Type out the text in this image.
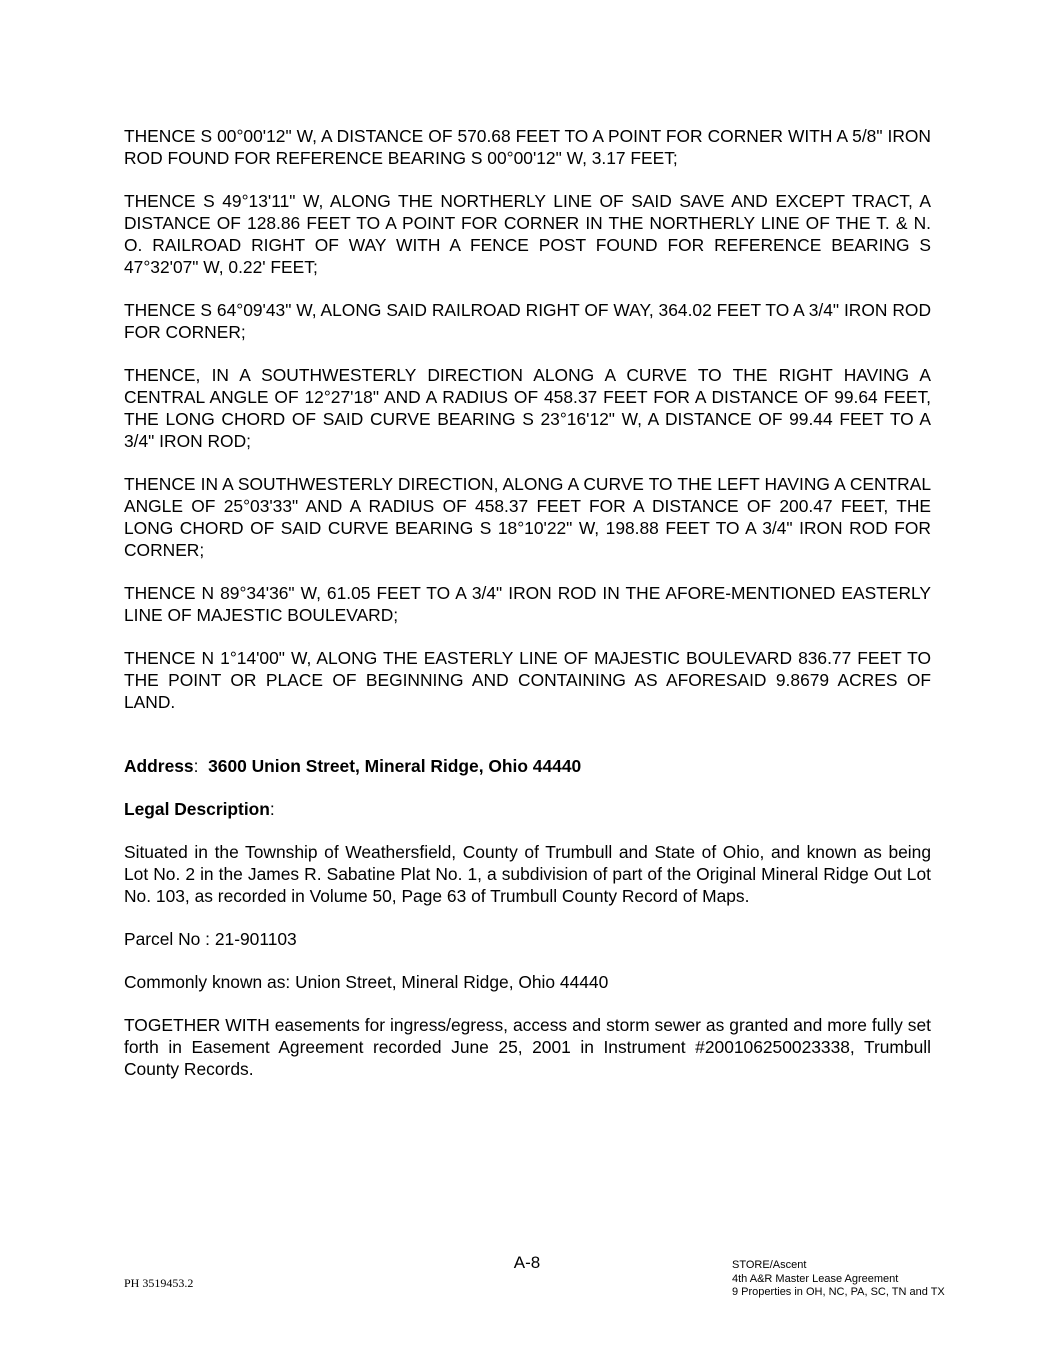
THENCE S 00°00'12" W, A DISTANCE OF 570.68 FEET TO A POINT FOR CORNER WITH A 5/8" IRON ROD FOUND FOR REFERENCE BEARING S 00°00'12" W, 3.17 FEET;

THENCE S 49°13'11" W, ALONG THE NORTHERLY LINE OF SAID SAVE AND EXCEPT TRACT, A DISTANCE OF 128.86 FEET TO A POINT FOR CORNER IN THE NORTHERLY LINE OF THE T. & N. O. RAILROAD RIGHT OF WAY WITH A FENCE POST FOUND FOR REFERENCE BEARING S 47°32'07" W, 0.22' FEET;

THENCE S 64°09'43" W, ALONG SAID RAILROAD RIGHT OF WAY, 364.02 FEET TO A 3/4" IRON ROD FOR CORNER;

THENCE, IN A SOUTHWESTERLY DIRECTION ALONG A CURVE TO THE RIGHT HAVING A CENTRAL ANGLE OF 12°27'18" AND A RADIUS OF 458.37 FEET FOR A DISTANCE OF 99.64 FEET, THE LONG CHORD OF SAID CURVE BEARING S 23°16'12" W, A DISTANCE OF 99.44 FEET TO A 3/4" IRON ROD;

THENCE IN A SOUTHWESTERLY DIRECTION, ALONG A CURVE TO THE LEFT HAVING A CENTRAL ANGLE OF 25°03'33" AND A RADIUS OF 458.37 FEET FOR A DISTANCE OF 200.47 FEET, THE LONG CHORD OF SAID CURVE BEARING S 18°10'22" W, 198.88 FEET TO A 3/4" IRON ROD FOR CORNER;

THENCE N 89°34'36" W, 61.05 FEET TO A 3/4" IRON ROD IN THE AFORE-MENTIONED EASTERLY LINE OF MAJESTIC BOULEVARD;

THENCE N 1°14'00" W, ALONG THE EASTERLY LINE OF MAJESTIC BOULEVARD 836.77 FEET TO THE POINT OR PLACE OF BEGINNING AND CONTAINING AS AFORESAID 9.8679 ACRES OF LAND.

Address: 3600 Union Street, Mineral Ridge, Ohio 44440

Legal Description:

Situated in the Township of Weathersfield, County of Trumbull and State of Ohio, and known as being Lot No. 2 in the James R. Sabatine Plat No. 1, a subdivision of part of the Original Mineral Ridge Out Lot No. 103, as recorded in Volume 50, Page 63 of Trumbull County Record of Maps.

Parcel No : 21-901103

Commonly known as: Union Street, Mineral Ridge, Ohio 44440

TOGETHER WITH easements for ingress/egress, access and storm sewer as granted and more fully set forth in Easement Agreement recorded June 25, 2001 in Instrument #200106250023338, Trumbull County Records.

A-8
PH 3519453.2
STORE/Ascent
4th A&R Master Lease Agreement
9 Properties in OH, NC, PA, SC, TN and TX
